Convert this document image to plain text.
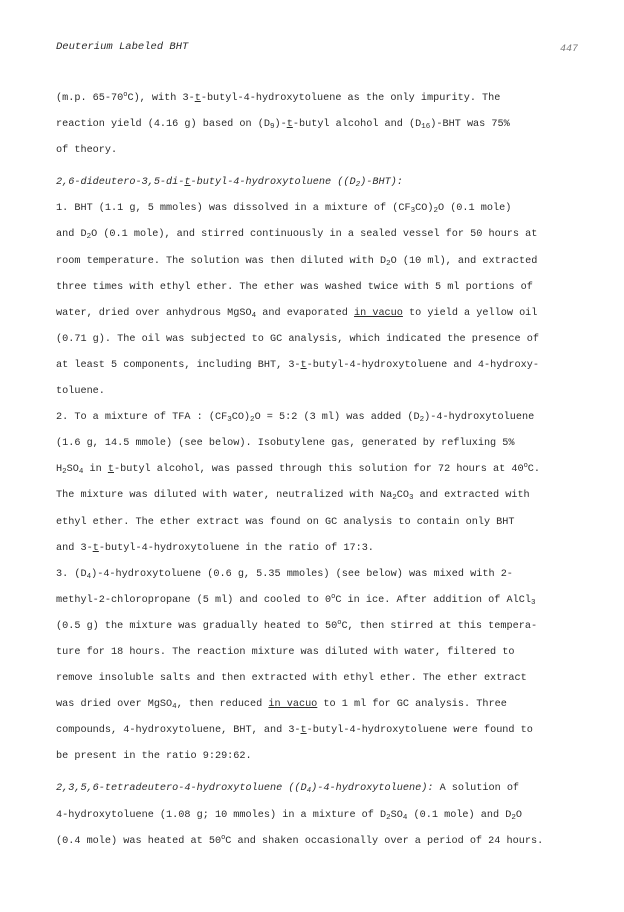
Deuterium Labeled BHT	447
(m.p. 65-70$^o$C), with 3-t-butyl-4-hydroxytoluene as the only impurity. The
reaction yield (4.16 g) based on $(D_9)-t$-butyl alcohol and $(D_{16})$-BHT was 75%
of theory.
2,6-dideutero-3,5-di-t-butyl-4-hydroxytoluene $((D_2)-BHT)$:
1. BHT (1.1 g, 5 mmoles) was dissolved in a mixture of $(CF_3CO)_2O$ (0.1 mole)
and $D_2O$ (0.1 mole), and stirred continuously in a sealed vessel for 50 hours at
room temperature. The solution was then diluted with $D_2O$ (10 ml), and extracted
three times with ethyl ether. The ether was washed twice with 5 ml portions of
water, dried over anhydrous MgSO$_4$ and evaporated in vacuo to yield a yellow oil
(0.71 g). The oil was subjected to GC analysis, which indicated the presence of
at least 5 components, including BHT, 3-t-butyl-4-hydroxytoluene and 4-hydroxy-
toluene.
2. To a mixture of TFA : $(CF_3CO)_2O$ = 5:2 (3 ml) was added $(D_2)-4$-hydroxytoluene
(1.6 g, 14.5 mmole) (see below). Isobutylene gas, generated by refluxing 5%
$H_2SO_4$ in t-butyl alcohol, was passed through this solution for 72 hours at 40$^o$C.
The mixture was diluted with water, neutralized with $Na_2CO_3$ and extracted with
ethyl ether. The ether extract was found on GC analysis to contain only BHT
and 3-t-butyl-4-hydroxytoluene in the ratio of 17:3.
3. $(D_4)-4$-hydroxytoluene (0.6 g, 5.35 mmoles) (see below) was mixed with 2-
methyl-2-chloropropane (5 ml) and cooled to 0$^o$C in ice. After addition of AlCl$_3$
(0.5 g) the mixture was gradually heated to 50$^o$C, then stirred at this tempera-
ture for 18 hours. The reaction mixture was diluted with water, filtered to
remove insoluble salts and then extracted with ethyl ether. The ether extract
was dried over MgSO$_4$, then reduced in vacuo to 1 ml for GC analysis. Three
compounds, 4-hydroxytoluene, BHT, and 3-t-butyl-4-hydroxytoluene were found to
be present in the ratio 9:29:62.
2,3,5,6-tetradeutero-4-hydroxytoluene $((D_4)-4-hydroxytoluene)$: A solution of
4-hydroxytoluene (1.08 g; 10 mmoles) in a mixture of $D_2SO_4$ (0.1 mole) and $D_2O$
(0.4 mole) was heated at 50$^o$C and shaken occasionally over a period of 24 hours.
